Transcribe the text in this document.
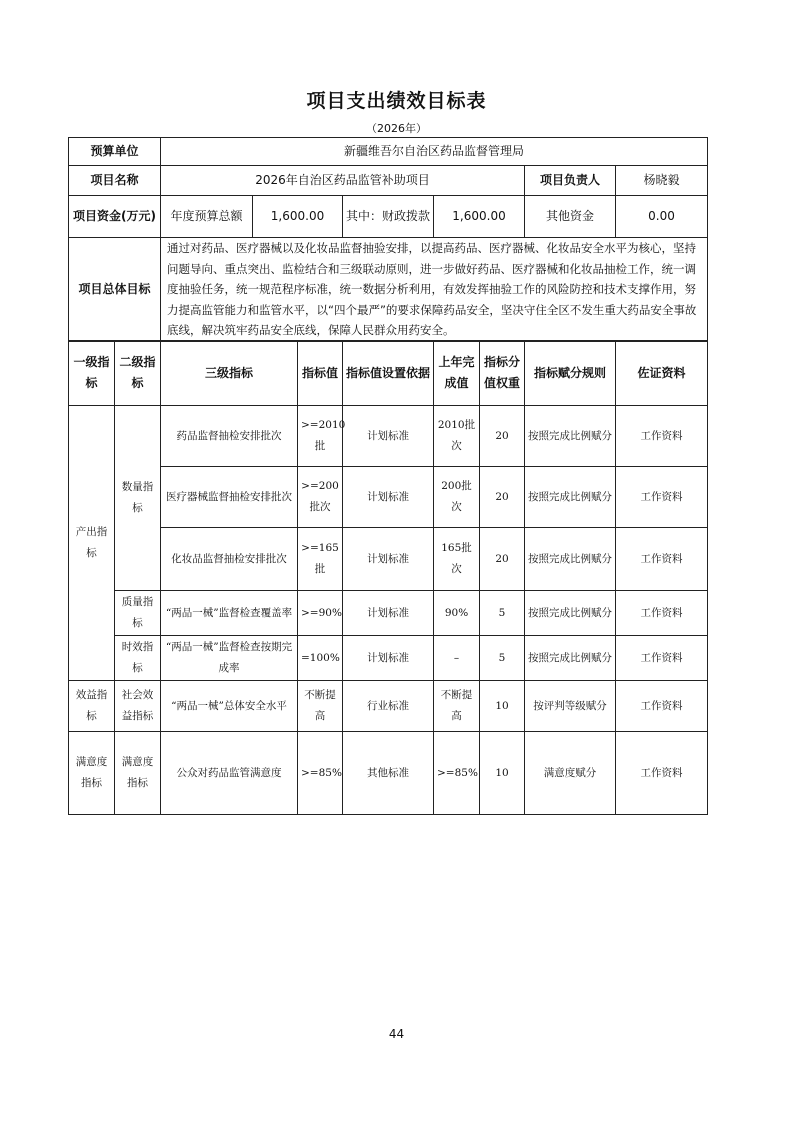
项目支出绩效目标表
（2026年）
预算单位	新疆维吾尔自治区药品监督管理局					
项目名称	2026年自治区药品监管补助项目				项目负责人	杨晓毅
项目资金(万元)	年度预算总额	1,600.00	其中：财政拨款	1,600.00	其他资金	0.00
项目总体目标	通过对药品、医疗器械以及化妆品监督抽验安排，以提高药品、医疗器械、化妆品安全水平为核心，坚持问题导向、重点突出、监检结合和三级联动原则，进一步做好药品、医疗器械和化妆品抽检工作，统一调度抽验任务，统一规范程序标准，统一数据分析利用，有效发挥抽验工作的风险防控和技术支撑作用，努力提高监管能力和监管水平，以“四个最严”的要求保障药品安全，坚决守住全区不发生重大药品安全事故底线，解决筑牢药品安全底线，保障人民群众用药安全。					
一级指标	二级指标	三级指标	指标值	指标值设置依据	上年完成值	指标分值权重	指标赋分规则	佐证资料
产出指标	数量指标	药品监督抽检安排批次	>=2010批	计划标准	2010批次	20	按照完成比例赋分	工作资料
		医疗器械监督抽检安排批次	>=200批次	计划标准	200批次	20	按照完成比例赋分	工作资料
		化妆品监督抽检安排批次	>=165批	计划标准	165批次	20	按照完成比例赋分	工作资料
	质量指标	“两品一械”监督检查覆盖率	>=90%	计划标准	90%	5	按照完成比例赋分	工作资料
	时效指标	“两品一械”监督检查按期完成率	=100%	计划标准	–	5	按照完成比例赋分	工作资料
效益指标	社会效益指标	“两品一械”总体安全水平	不断提高	行业标准	不断提高	10	按评判等级赋分	工作资料
满意度指标	满意度指标	公众对药品监管满意度	>=85%	其他标准	>=85%	10	满意度赋分	工作资料
44
